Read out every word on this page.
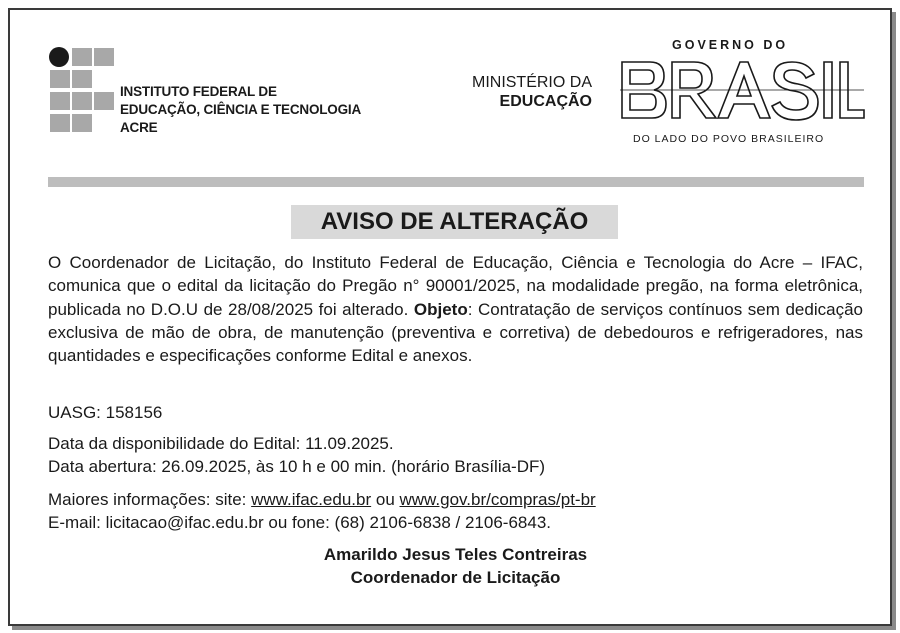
INSTITUTO FEDERAL DE
EDUCAÇÃO, CIÊNCIA E TECNOLOGIA
ACRE
MINISTÉRIO DA
EDUCAÇÃO
GOVERNO DO
DO LADO DO POVO BRASILEIRO
AVISO DE ALTERAÇÃO
O Coordenador de Licitação, do Instituto Federal de Educação, Ciência e Tecnologia do Acre – IFAC, comunica que o edital da licitação do Pregão n° 90001/2025, na modalidade pregão, na forma eletrônica, publicada no D.O.U de 28/08/2025 foi alterado. Objeto: Contratação de serviços contínuos sem dedicação exclusiva de mão de obra, de manutenção (preventiva e corretiva) de debedouros e refrigeradores, nas quantidades e especificações conforme Edital e anexos.
UASG: 158156
Data da disponibilidade do Edital: 11.09.2025.
Data abertura: 26.09.2025, às 10 h e 00 min. (horário Brasília-DF)
Maiores informações: site: www.ifac.edu.br ou www.gov.br/compras/pt-br
E-mail: licitacao@ifac.edu.br ou fone: (68) 2106-6838 / 2106-6843.
Amarildo Jesus Teles Contreiras
Coordenador de Licitação
